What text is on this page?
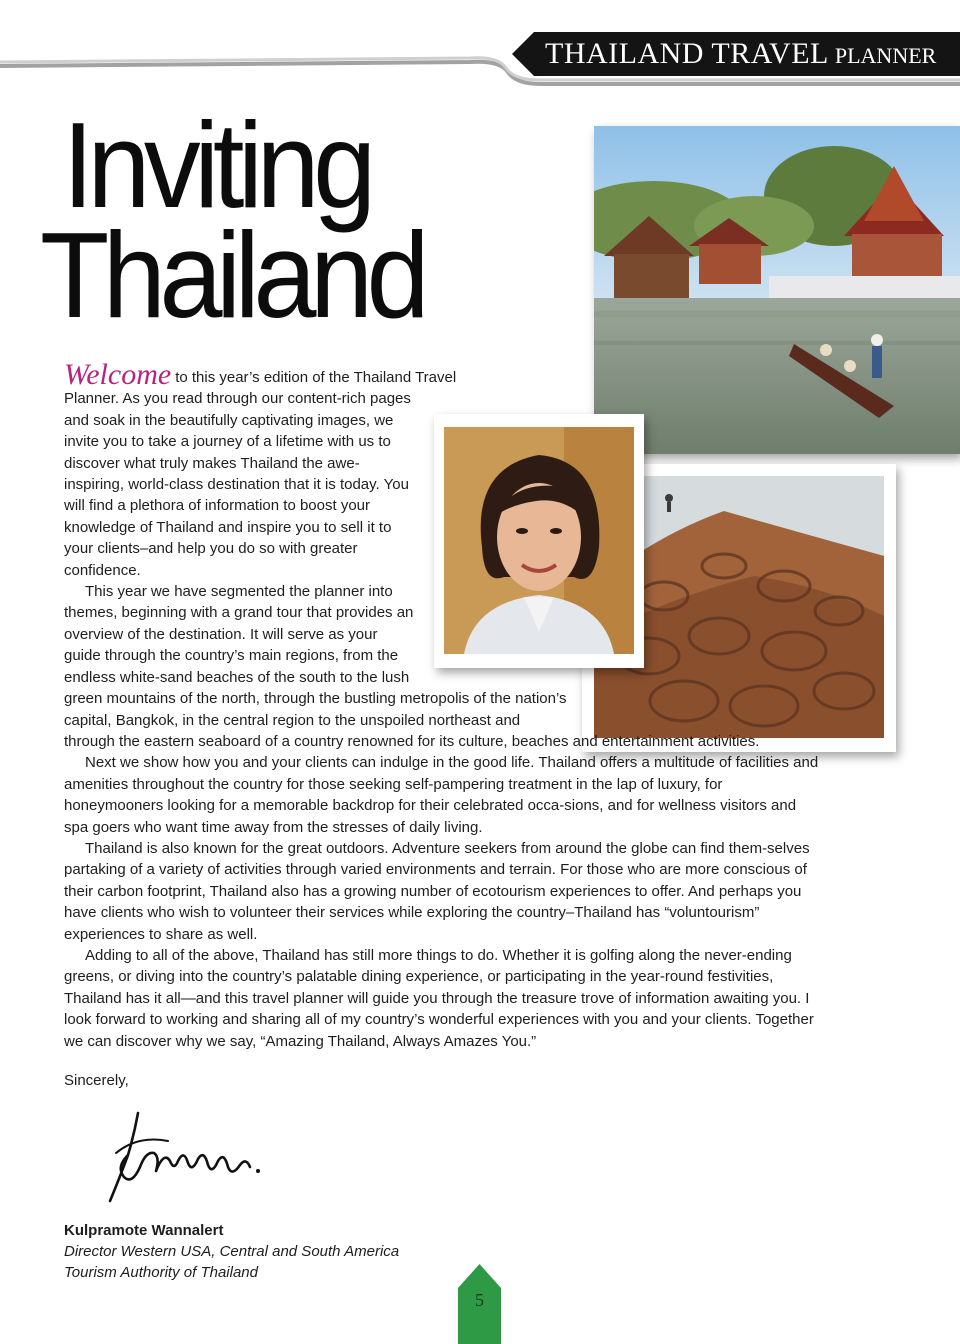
THAILAND TRAVEL PLANNER
Inviting
Thailand

Welcome to this year’s edition of the Thailand Travel Planner. As you read through our content-rich pages and soak in the beautifully captivating images, we invite you to take a journey of a lifetime with us to discover what truly makes Thailand the awe-inspiring, world-class destination that it is today. You will find a plethora of information to boost your knowledge of Thailand and inspire you to sell it to your clients–and help you do so with greater confidence.

This year we have segmented the planner into themes, beginning with a grand tour that provides an overview of the destination. It will serve as your guide through the country’s main regions, from the endless white-sand beaches of the south to the lush green mountains of the north, through the bustling metropolis of the nation’s capital, Bangkok, in the central region to the unspoiled northeast and through the eastern seaboard of a country renowned for its culture, beaches and entertainment activities.

Next we show how you and your clients can indulge in the good life. Thailand offers a multitude of facilities and amenities throughout the country for those seeking self-pampering treatment in the lap of luxury, for honeymooners looking for a memorable backdrop for their celebrated occa-sions, and for wellness visitors and spa goers who want time away from the stresses of daily living.

Thailand is also known for the great outdoors. Adventure seekers from around the globe can find them-selves partaking of a variety of activities through varied environments and terrain. For those who are more conscious of their carbon footprint, Thailand also has a growing number of ecotourism experiences to offer. And perhaps you have clients who wish to volunteer their services while exploring the country–Thailand has “voluntourism” experiences to share as well.

Adding to all of the above, Thailand has still more things to do. Whether it is golfing along the never-ending greens, or diving into the country’s palatable dining experience, or participating in the year-round festivities, Thailand has it all—and this travel planner will guide you through the treasure trove of information awaiting you. I look forward to working and sharing all of my country’s wonderful experiences with you and your clients. Together we can discover why we say, “Amazing Thailand, Always Amazes You.”

Sincerely,
Kulpramote Wannalert
Director Western USA, Central and South America
Tourism Authority of Thailand
5
